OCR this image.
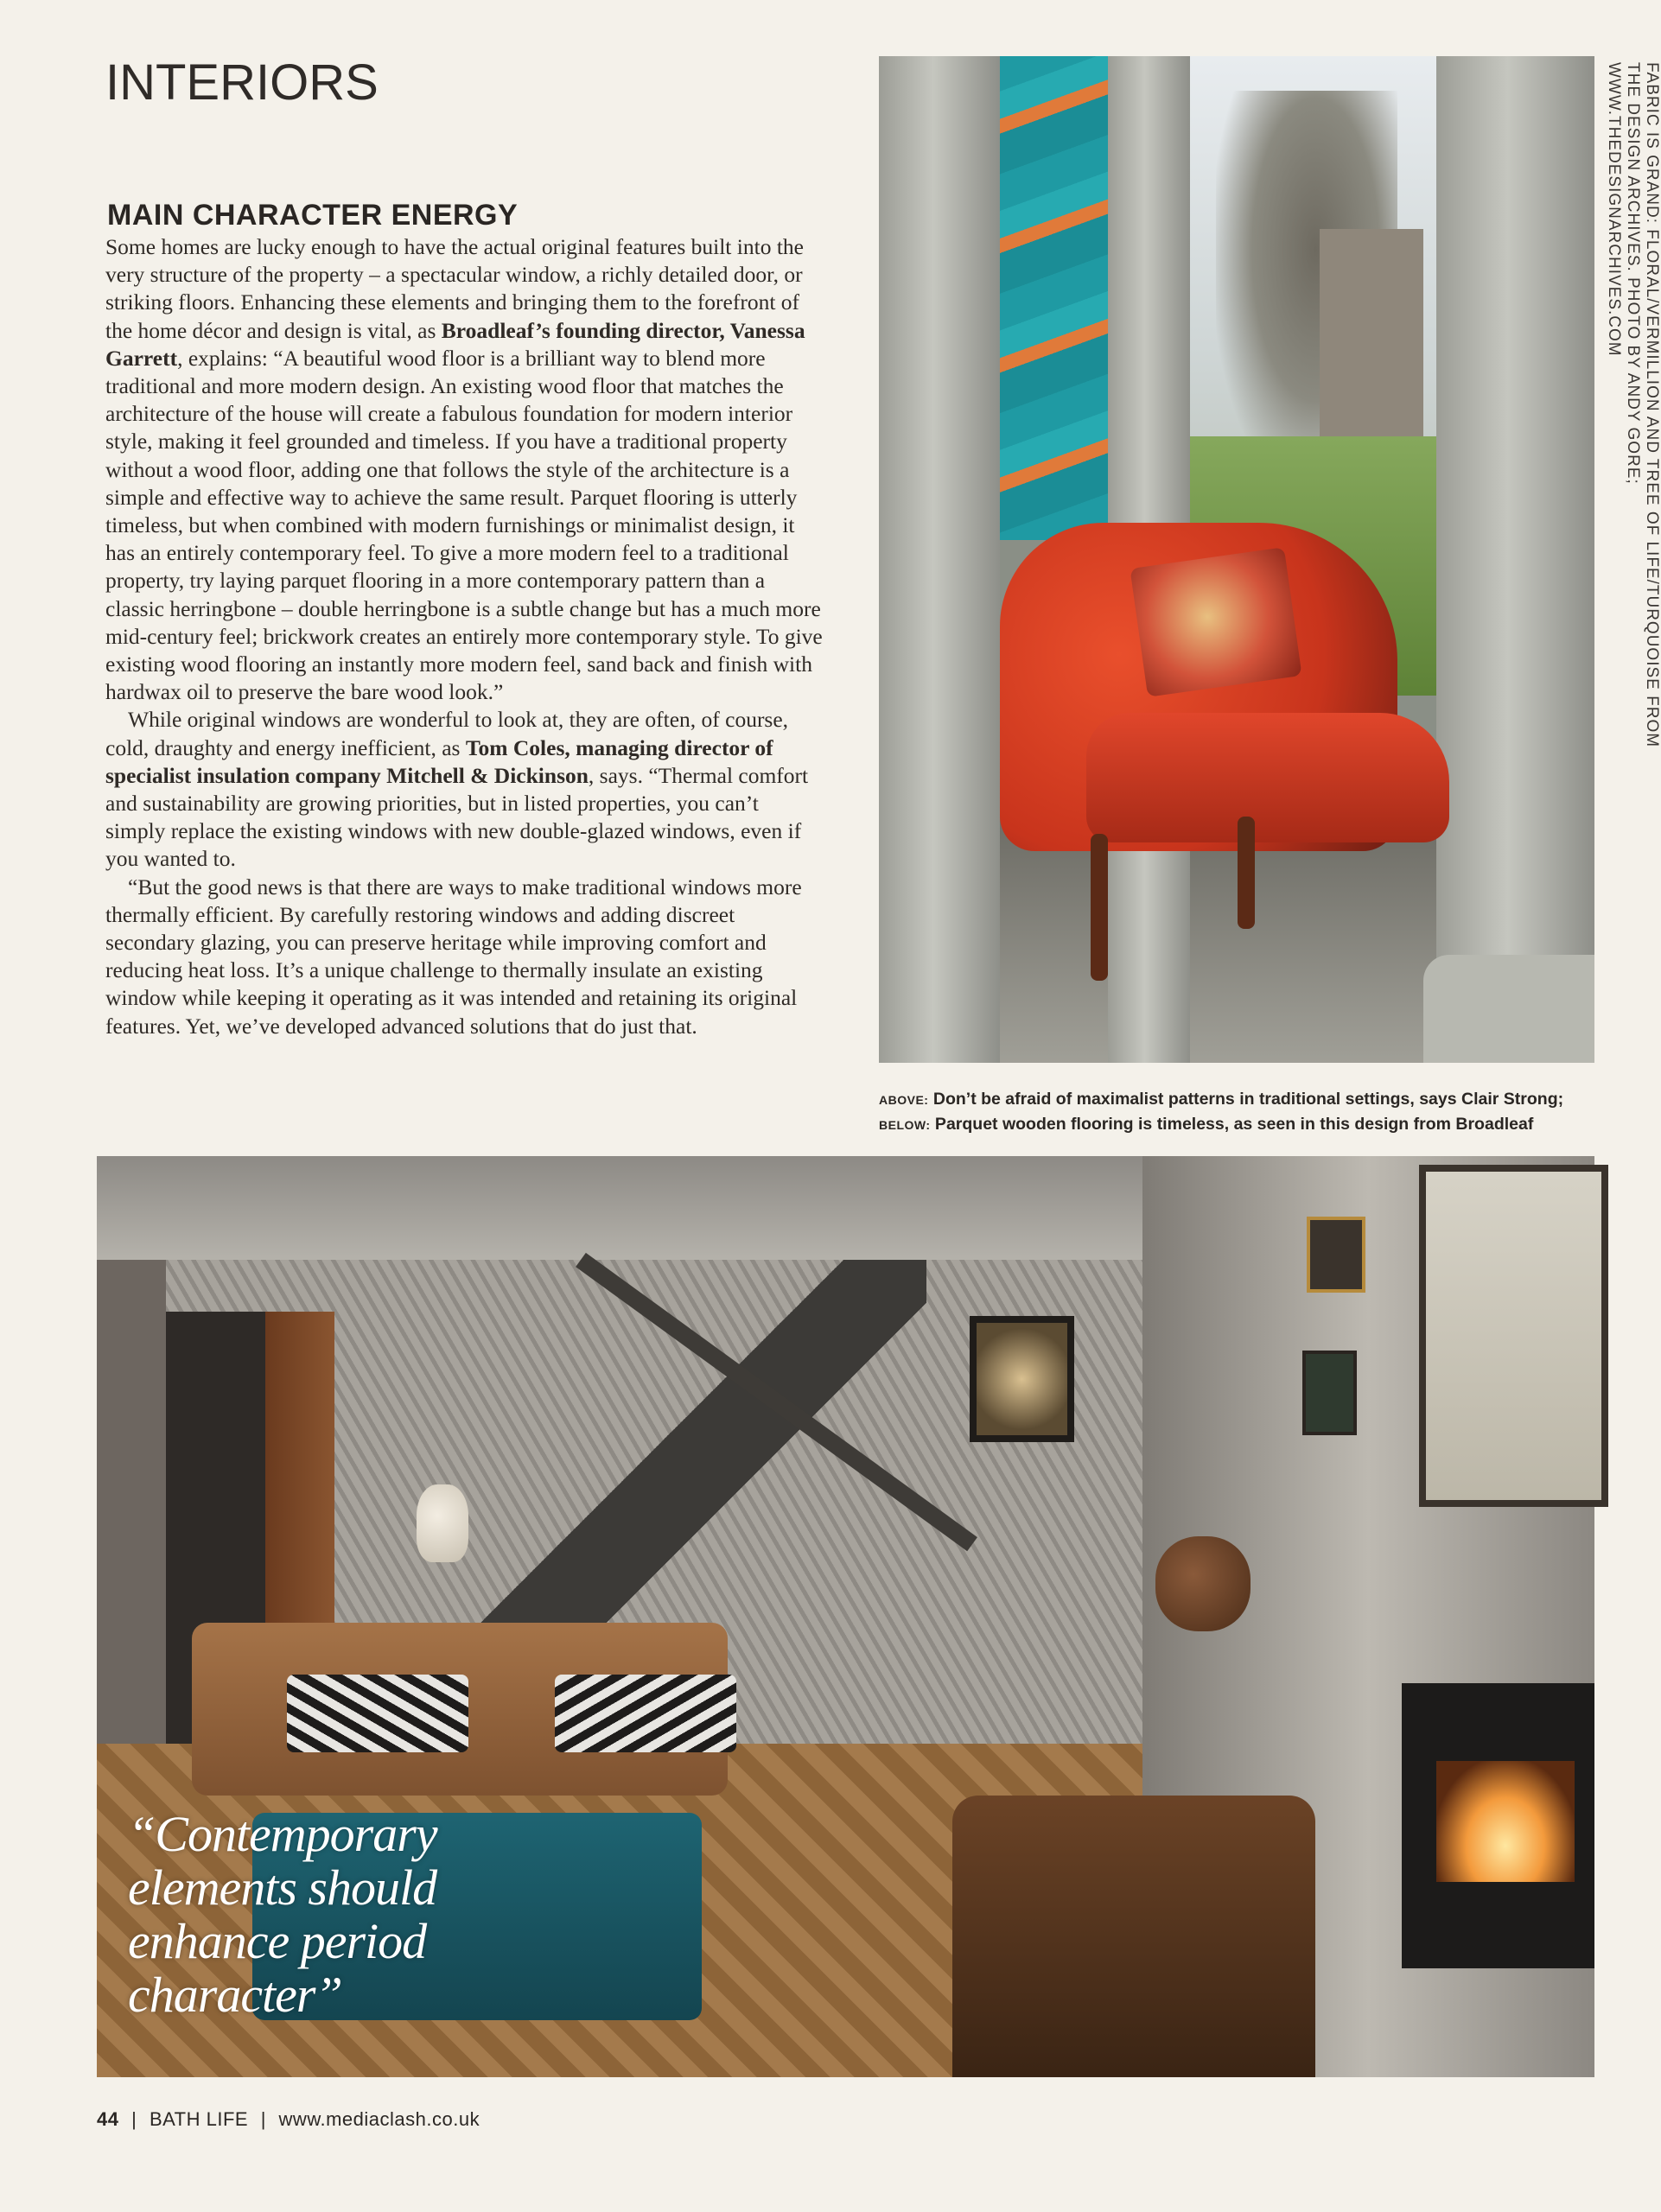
INTERIORS
MAIN CHARACTER ENERGY

Some homes are lucky enough to have the actual original features built into the very structure of the property – a spectacular window, a richly detailed door, or striking floors. Enhancing these elements and bringing them to the forefront of the home décor and design is vital, as Broadleaf’s founding director, Vanessa Garrett, explains: “A beautiful wood floor is a brilliant way to blend more traditional and more modern design. An existing wood floor that matches the architecture of the house will create a fabulous foundation for modern interior style, making it feel grounded and timeless. If you have a traditional property without a wood floor, adding one that follows the style of the architecture is a simple and effective way to achieve the same result. Parquet flooring is utterly timeless, but when combined with modern furnishings or minimalist design, it has an entirely contemporary feel. To give a more modern feel to a traditional property, try laying parquet flooring in a more contemporary pattern than a classic herringbone – double herringbone is a subtle change but has a much more mid-century feel; brickwork creates an entirely more contemporary style. To give existing wood flooring an instantly more modern feel, sand back and finish with hardwax oil to preserve the bare wood look.”

While original windows are wonderful to look at, they are often, of course, cold, draughty and energy inefficient, as Tom Coles, managing director of specialist insulation company Mitchell & Dickinson, says. “Thermal comfort and sustainability are growing priorities, but in listed properties, you can’t simply replace the existing windows with new double-glazed windows, even if you wanted to.

“But the good news is that there are ways to make traditional windows more thermally efficient. By carefully restoring windows and adding discreet secondary glazing, you can preserve heritage while improving comfort and reducing heat loss. It’s a unique challenge to thermally insulate an existing window while keeping it operating as it was intended and retaining its original features. Yet, we’ve developed advanced solutions that do just that.

FABRIC IS GRAND: FLORAL/VERMILLION AND TREE OF LIFE/TURQUOISE FROM THE DESIGN ARCHIVES. PHOTO BY ANDY GORE; WWW.THEDESIGNARCHIVES.COM
ABOVE: Don’t be afraid of maximalist patterns in traditional settings, says Clair Strong;
BELOW: Parquet wooden flooring is timeless, as seen in this design from Broadleaf
“Contemporary elements should enhance period character”
44 | BATH LIFE | www.mediaclash.co.uk
